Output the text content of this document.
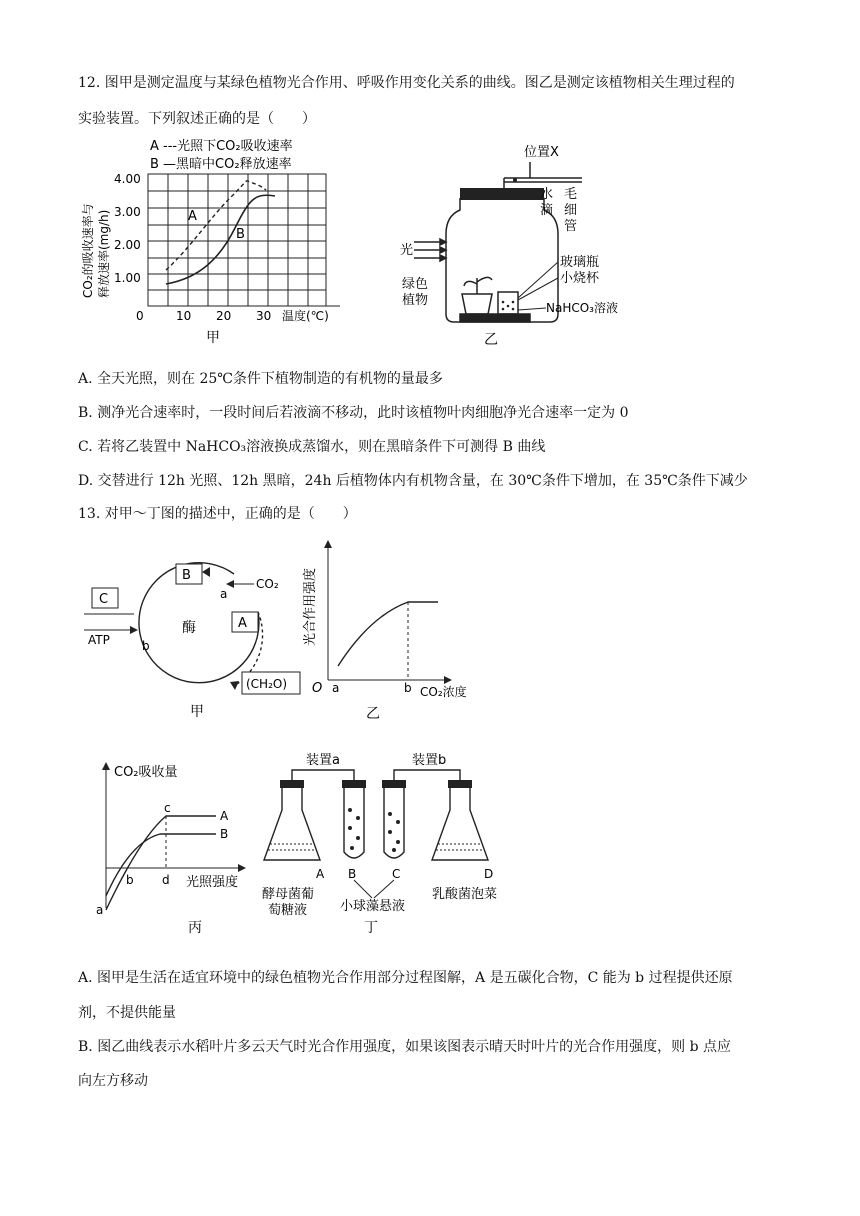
12. 图甲是测定温度与某绿色植物光合作用、呼吸作用变化关系的曲线。图乙是测定该植物相关生理过程的
实验装置。下列叙述正确的是（　　）
A ---光照下CO₂吸收速率
B —黑暗中CO₂释放速率
CO₂的吸收速率与 释放速率(mg/h)
4.00
3.00
2.00
1.00
0	10 20 30 温度(℃)
A
B
甲
位置X
水
滴
毛
细
管
光
玻璃瓶
小烧杯
绿色
植物	NaHCO₃溶液
乙
A. 全天光照，则在 25℃条件下植物制造的有机物的量最多
B. 测净光合速率时，一段时间后若液滴不移动，此时该植物叶肉细胞净光合速率一定为 0
C. 若将乙装置中 NaHCO₃溶液换成蒸馏水，则在黑暗条件下可测得 B 曲线
D. 交替进行 12h 光照、12h 黑暗，24h 后植物体内有机物含量，在 30℃条件下增加，在 35℃条件下减少
13. 对甲～丁图的描述中，正确的是（　　）
C
B
A
CO₂
ATP
酶
a
b
(CH₂O)
甲
光合作用强度
O a	b CO₂浓度
乙
CO₂吸收量
a
b
c
d
A
B
光照强度
丙
装置a	装置b
A B	C	D
酵母菌葡
萄糖液	小球藻悬液
乳酸菌泡菜
丁
A. 图甲是生活在适宜环境中的绿色植物光合作用部分过程图解，A 是五碳化合物，C 能为 b 过程提供还原
剂，不提供能量
B. 图乙曲线表示水稻叶片多云天气时光合作用强度，如果该图表示晴天时叶片的光合作用强度，则 b 点应
向左方移动
